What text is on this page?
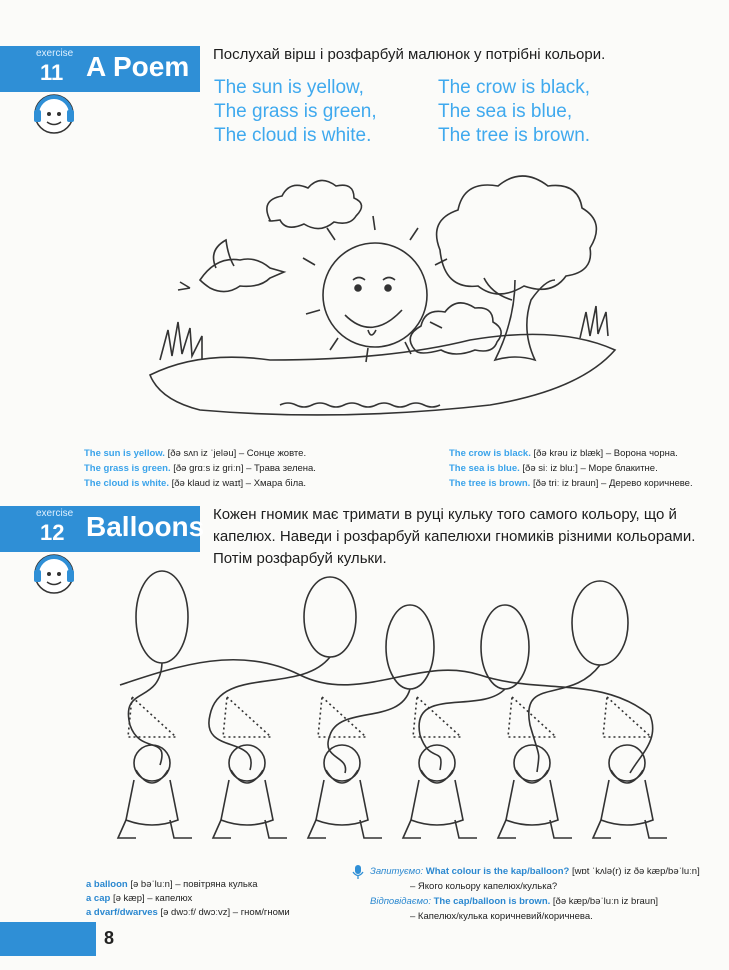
exercise
11 A Poem Послухай вірш і розфарбуй малюнок у потрібні кольори.
The sun is yellow,
The grass is green,
The cloud is white.
The crow is black,
The sea is blue,
The tree is brown.
The sun is yellow. [ðə sʌn iz ˈjeləu] – Сонце жовте.
The grass is green. [ðə grɑːs iz griːn] – Трава зелена.
The cloud is white. [ðə klaud iz waɪt] – Хмара біла.
The crow is black. [ðə krəu iz blæk] – Ворона чорна.
The sea is blue. [ðə siː iz bluː] – Море блакитне.
The tree is brown. [ðə triː iz braun] – Дерево коричневе.
exercise
12 Balloons Кожен гномик має тримати в руці кульку того самого кольору, що й
капелюх. Наведи і розфарбуй капелюхи гномиків різними кольорами.
Потім розфарбуй кульки.
a balloon [ə bəˈluːn] – повітряна кулька
a cap [ə kæp] – капелюх
a dvarf/dwarves [ə dwɔːf/ dwɔːvz] – гном/гноми
Запитуємо: What colour is the kap/balloon? [wɒt ˈkʌlə(r) iz ðə kæp/bəˈluːn]
– Якого кольору капелюх/кулька?
Відповідаємо: The cap/balloon is brown. [ðə kæp/bəˈluːn iz braun]
– Капелюх/кулька коричневий/коричнева.
8
